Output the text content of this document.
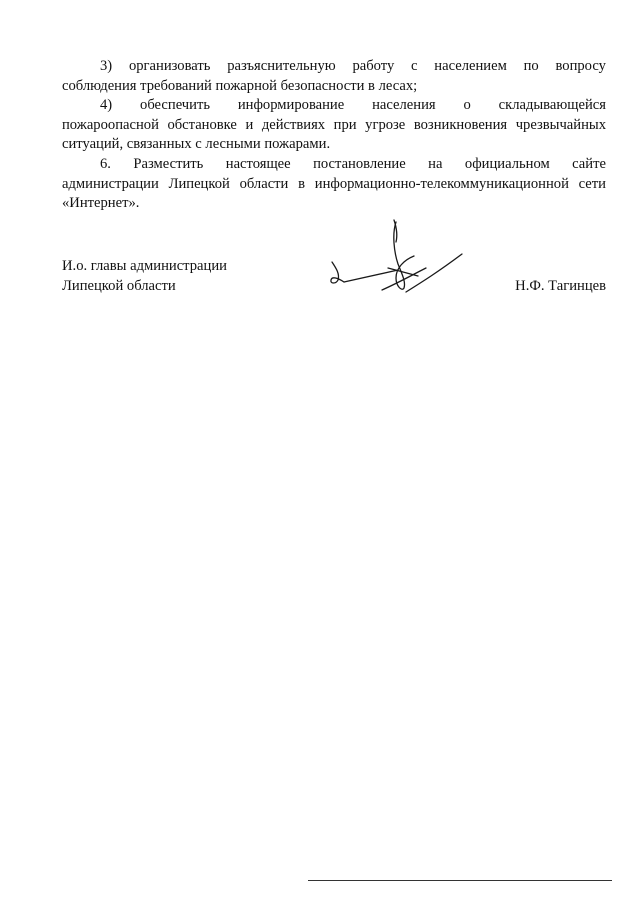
3) организовать разъяснительную работу с населением по вопросу
соблюдения требований пожарной безопасности в лесах;
4) обеспечить информирование населения о складывающейся
пожароопасной обстановке и действиях при угрозе возникновения чрезвычайных
ситуаций, связанных с лесными пожарами.
6. Разместить настоящее постановление на официальном сайте
администрации Липецкой области в информационно-телекоммуникационной сети
«Интернет».
И.о. главы администрации
Липецкой области	Н.Ф. Тагинцев
